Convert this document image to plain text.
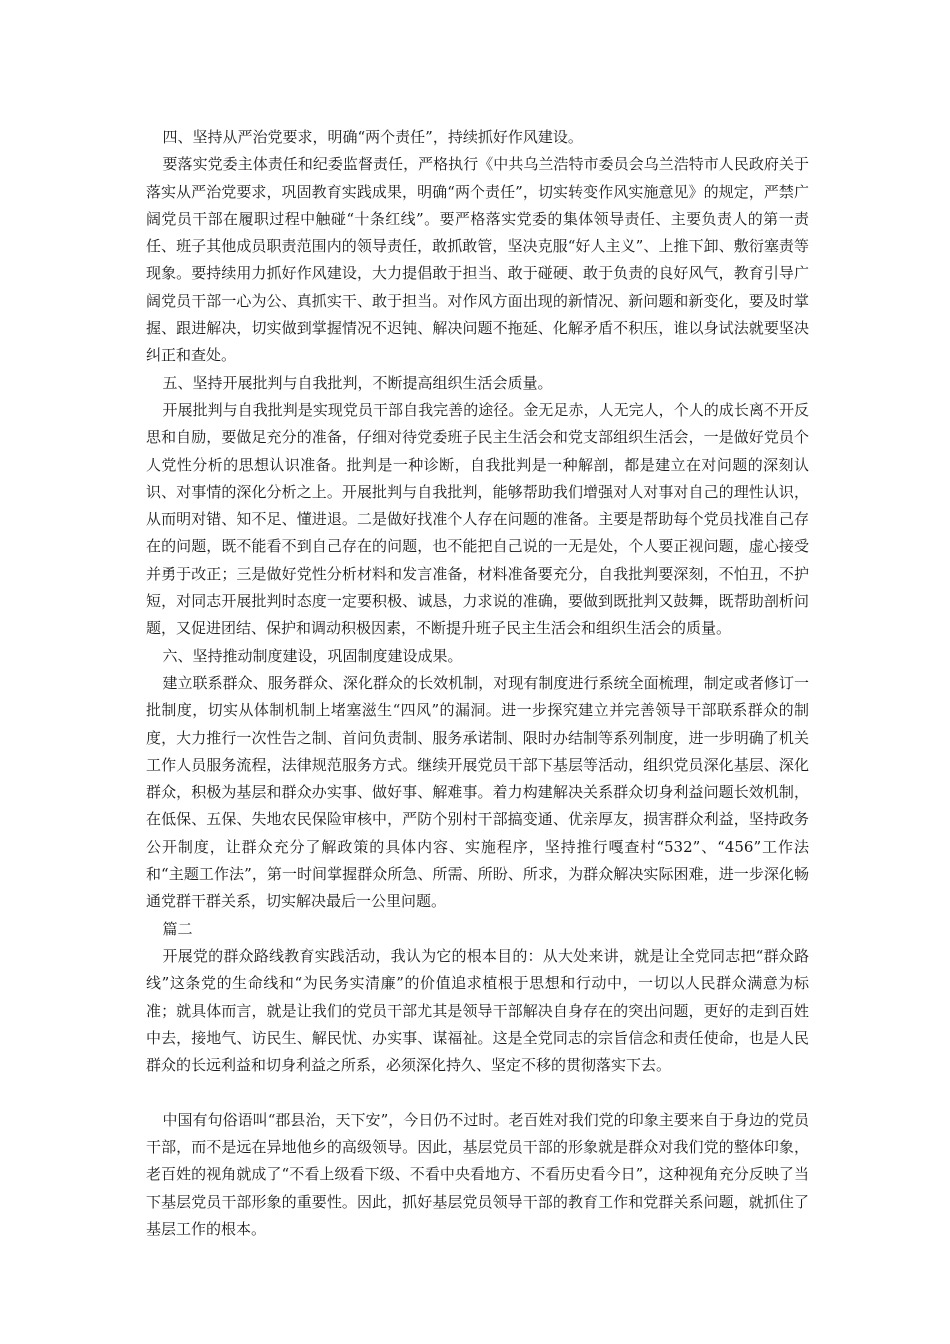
四、坚持从严治党要求，明确“两个责任”，持续抓好作风建设。

要落实党委主体责任和纪委监督责任，严格执行《中共乌兰浩特市委员会乌兰浩特市人民政府关于落实从严治党要求，巩固教育实践成果，明确“两个责任”，切实转变作风实施意见》的规定，严禁广阔党员干部在履职过程中触碰“十条红线”。要严格落实党委的集体领导责任、主要负责人的第一责任、班子其他成员职责范围内的领导责任，敢抓敢管，坚决克服“好人主义”、上推下卸、敷衍塞责等现象。要持续用力抓好作风建设，大力提倡敢于担当、敢于碰硬、敢于负责的良好风气，教育引导广阔党员干部一心为公、真抓实干、敢于担当。对作风方面出现的新情况、新问题和新变化，要及时掌握、跟进解决，切实做到掌握情况不迟钝、解决问题不拖延、化解矛盾不积压，谁以身试法就要坚决纠正和查处。

五、坚持开展批判与自我批判，不断提高组织生活会质量。

开展批判与自我批判是实现党员干部自我完善的途径。金无足赤，人无完人，个人的成长离不开反思和自励，要做足充分的准备，仔细对待党委班子民主生活会和党支部组织生活会，一是做好党员个人党性分析的思想认识准备。批判是一种诊断，自我批判是一种解剖，都是建立在对问题的深刻认识、对事情的深化分析之上。开展批判与自我批判，能够帮助我们增强对人对事对自己的理性认识，从而明对错、知不足、懂进退。二是做好找准个人存在问题的准备。主要是帮助每个党员找准自己存在的问题，既不能看不到自己存在的问题，也不能把自己说的一无是处，个人要正视问题，虚心接受并勇于改正；三是做好党性分析材料和发言准备，材料准备要充分，自我批判要深刻，不怕丑，不护短，对同志开展批判时态度一定要积极、诚恳，力求说的准确，要做到既批判又鼓舞，既帮助剖析问题，又促进团结、保护和调动积极因素，不断提升班子民主生活会和组织生活会的质量。

六、坚持推动制度建设，巩固制度建设成果。

建立联系群众、服务群众、深化群众的长效机制，对现有制度进行系统全面梳理，制定或者修订一批制度，切实从体制机制上堵塞滋生“四风”的漏洞。进一步探究建立并完善领导干部联系群众的制度，大力推行一次性告之制、首问负责制、服务承诺制、限时办结制等系列制度，进一步明确了机关工作人员服务流程，法律规范服务方式。继续开展党员干部下基层等活动，组织党员深化基层、深化群众，积极为基层和群众办实事、做好事、解难事。着力构建解决关系群众切身利益问题长效机制，在低保、五保、失地农民保险审核中，严防个别村干部搞变通、优亲厚友，损害群众利益，坚持政务公开制度，让群众充分了解政策的具体内容、实施程序，坚持推行嘎查村“532”、“456”工作法和“主题工作法”，第一时间掌握群众所急、所需、所盼、所求，为群众解决实际困难，进一步深化畅通党群干群关系，切实解决最后一公里问题。

篇二

开展党的群众路线教育实践活动，我认为它的根本目的：从大处来讲，就是让全党同志把“群众路线”这条党的生命线和“为民务实清廉”的价值追求植根于思想和行动中，一切以人民群众满意为标准；就具体而言，就是让我们的党员干部尤其是领导干部解决自身存在的突出问题，更好的走到百姓中去，接地气、访民生、解民忧、办实事、谋福祉。这是全党同志的宗旨信念和责任使命，也是人民群众的长远利益和切身利益之所系，必须深化持久、坚定不移的贯彻落实下去。

中国有句俗语叫“郡县治，天下安”，今日仍不过时。老百姓对我们党的印象主要来自于身边的党员干部，而不是远在异地他乡的高级领导。因此，基层党员干部的形象就是群众对我们党的整体印象，老百姓的视角就成了“不看上级看下级、不看中央看地方、不看历史看今日”，这种视角充分反映了当下基层党员干部形象的重要性。因此，抓好基层党员领导干部的教育工作和党群关系问题，就抓住了基层工作的根本。
